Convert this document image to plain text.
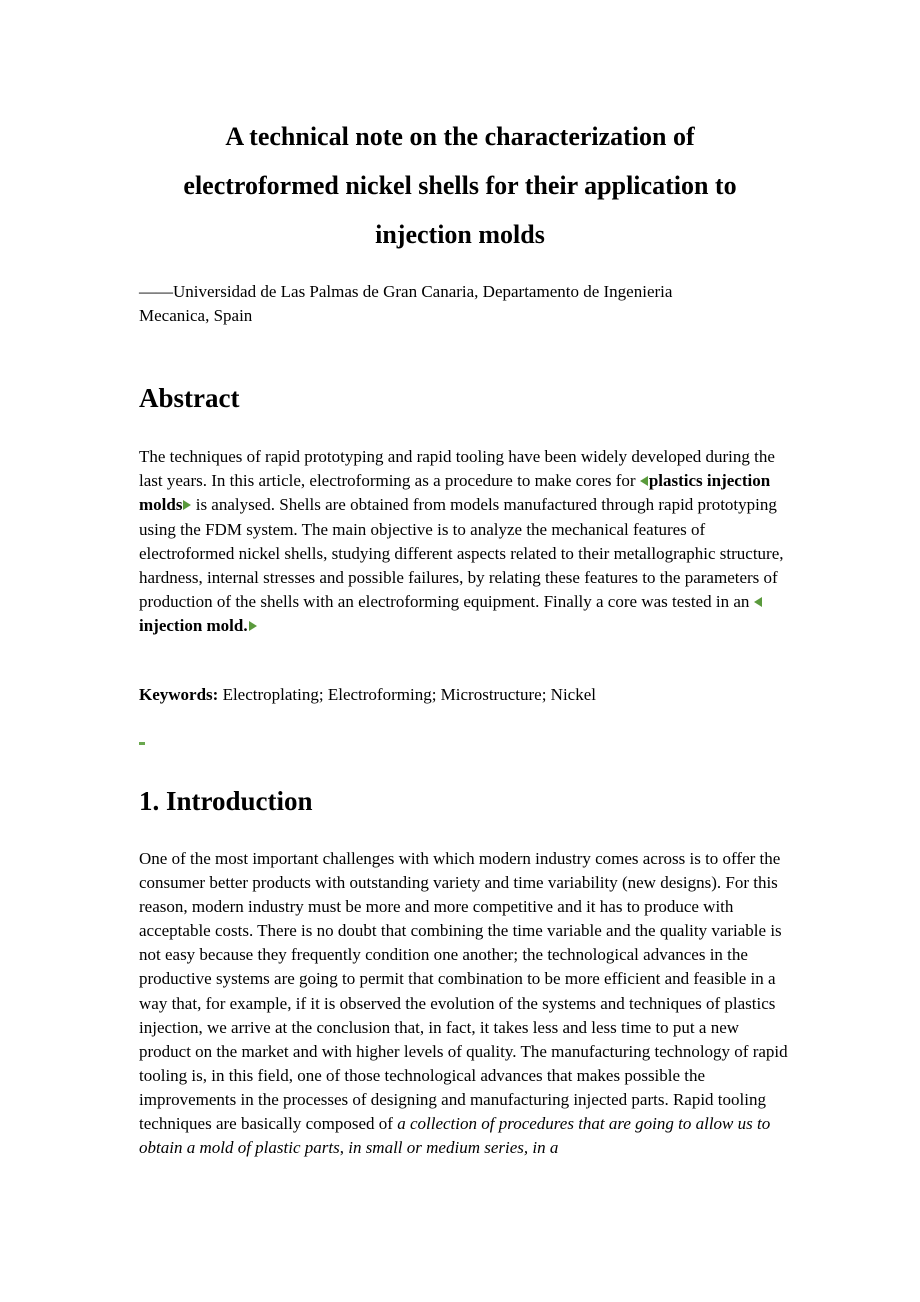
A technical note on the characterization of
electroformed nickel shells for their application to
injection molds

——Universidad de Las Palmas de Gran Canaria, Departamento de Ingenieria
Mecanica, Spain

Abstract

The techniques of rapid prototyping and rapid tooling have been widely developed during the last years. In this article, electroforming as a procedure to make cores for plastics injection molds is analysed. Shells are obtained from models manufactured through rapid prototyping using the FDM system. The main objective is to analyze the mechanical features of electroformed nickel shells, studying different aspects related to their metallographic structure, hardness, internal stresses and possible failures, by relating these features to the parameters of production of the shells with an electroforming equipment. Finally a core was tested in an injection mold.

Keywords: Electroplating; Electroforming; Microstructure; Nickel

1. Introduction

One of the most important challenges with which modern industry comes across is to offer the consumer better products with outstanding variety and time variability (new designs). For this reason, modern industry must be more and more competitive and it has to produce with acceptable costs. There is no doubt that combining the time variable and the quality variable is not easy because they frequently condition one another; the technological advances in the productive systems are going to permit that combination to be more efficient and feasible in a way that, for example, if it is observed the evolution of the systems and techniques of plastics injection, we arrive at the conclusion that, in fact, it takes less and less time to put a new product on the market and with higher levels of quality. The manufacturing technology of rapid tooling is, in this field, one of those technological advances that makes possible the improvements in the processes of designing and manufacturing injected parts. Rapid tooling techniques are basically composed of a collection of procedures that are going to allow us to obtain a mold of plastic parts, in small or medium series, in a
